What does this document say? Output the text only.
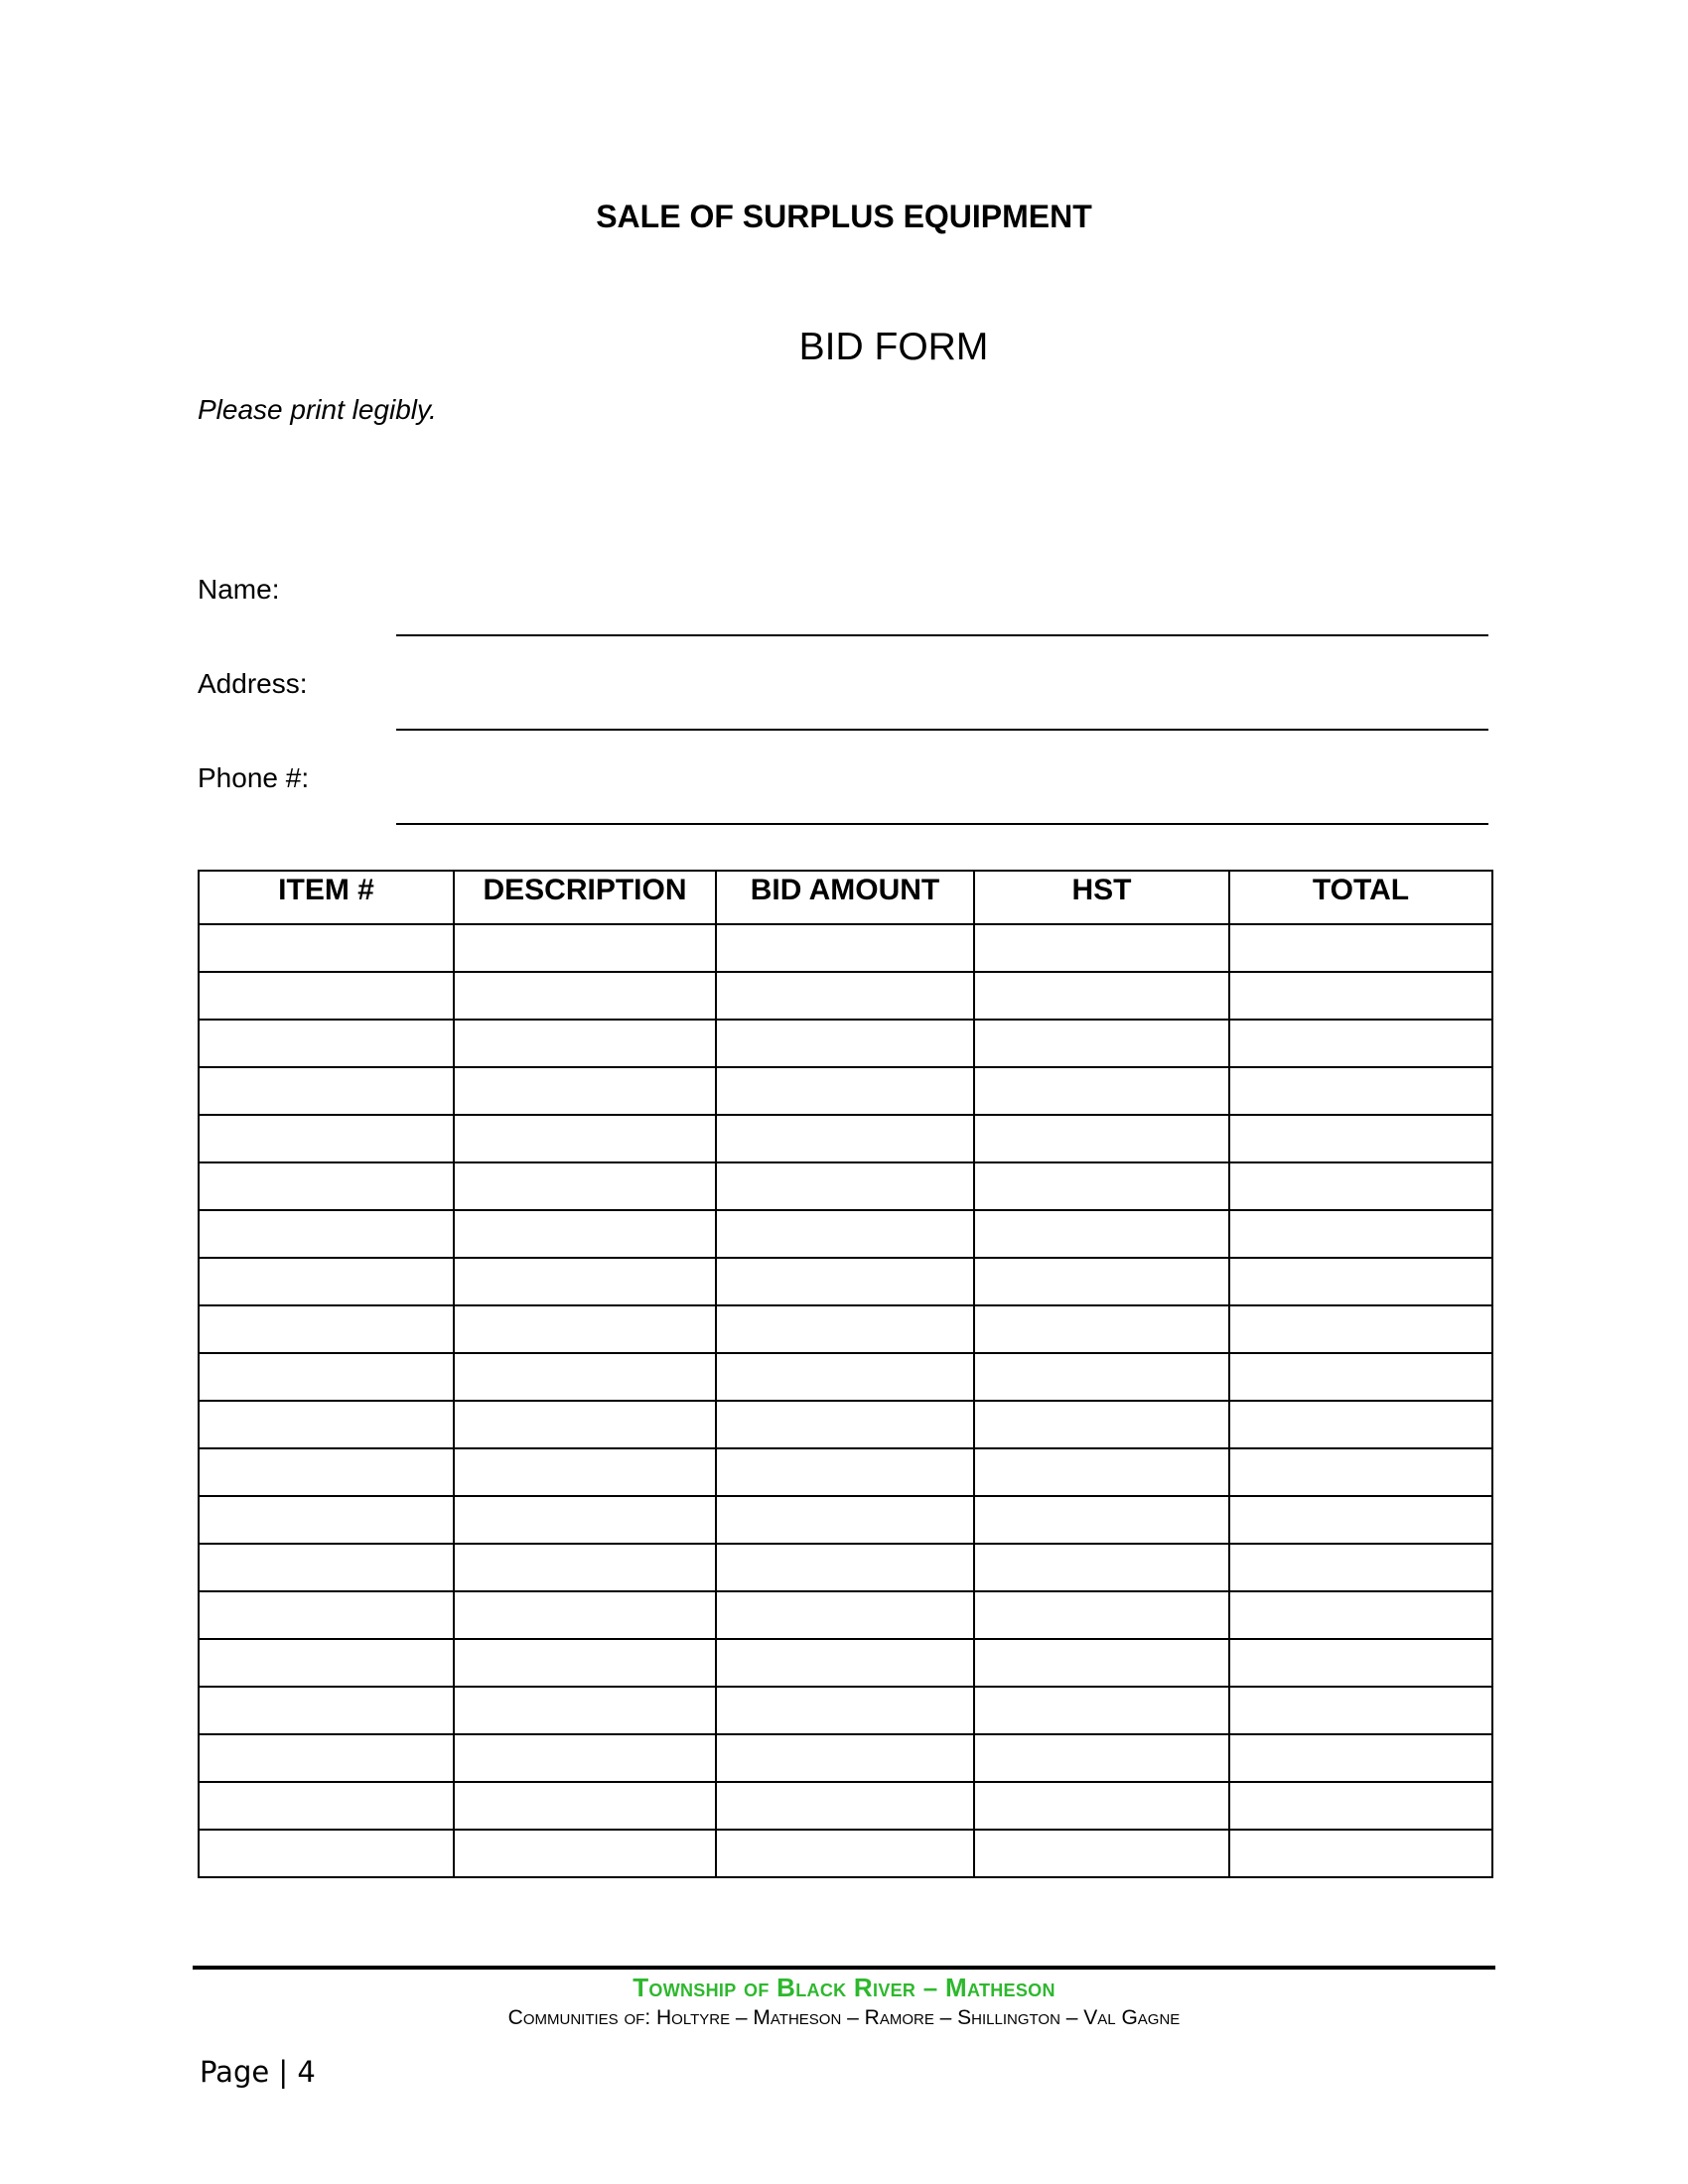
SALE OF SURPLUS EQUIPMENT
BID FORM
Please print legibly.
Name:
Address:
Phone #:
ITEM #	DESCRIPTION	BID AMOUNT	HST	TOTAL

Township of Black River – Matheson
Communities of: Holtyre – Matheson – Ramore – Shillington – Val Gagne
Page | 4
